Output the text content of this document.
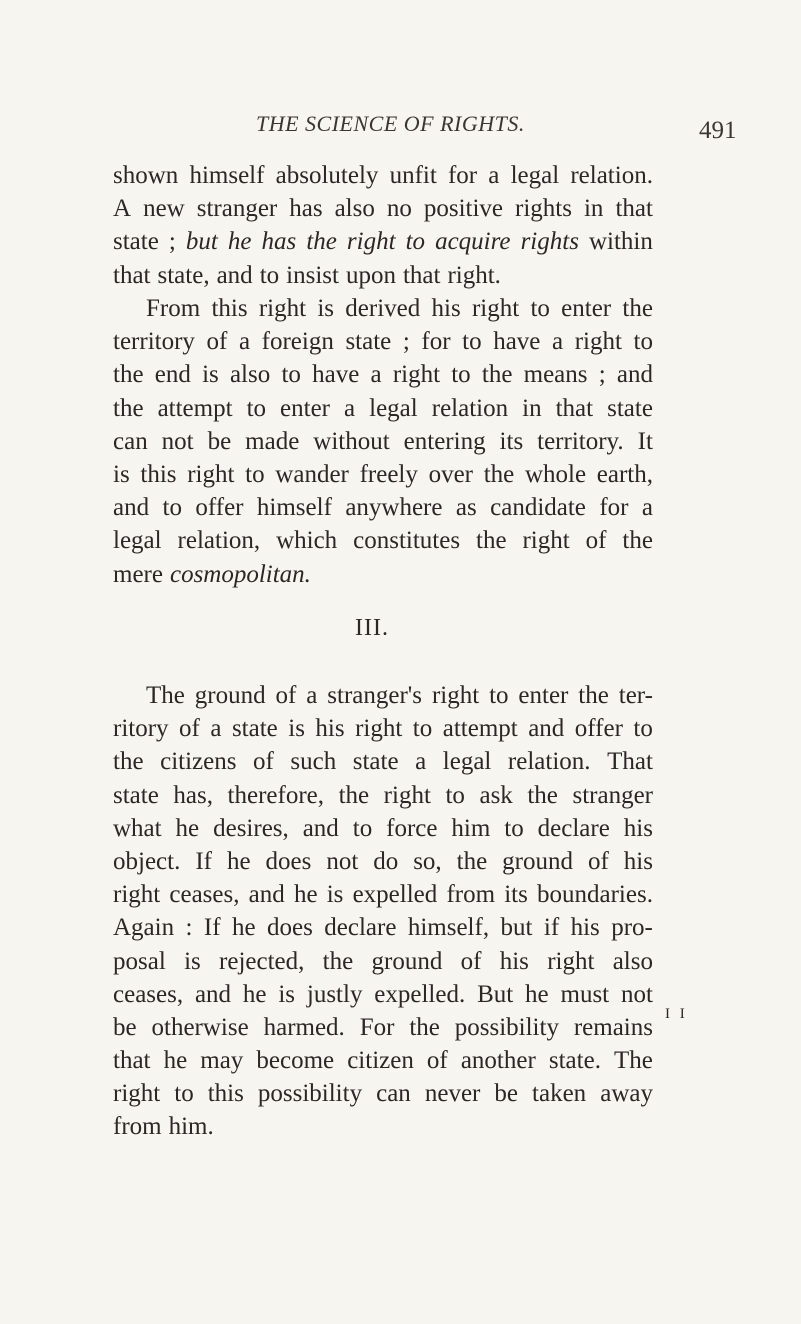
THE SCIENCE OF RIGHTS.	491
shown himself absolutely unfit for a legal relation.
A new stranger has also no positive rights in that
state ; but he has the right to acquire rights within
that state, and to insist upon that right.
From this right is derived his right to enter the
territory of a foreign state ; for to have a right to
the end is also to have a right to the means ; and
the attempt to enter a legal relation in that state
can not be made without entering its territory. It
is this right to wander freely over the whole earth,
and to offer himself anywhere as candidate for a
legal relation, which constitutes the right of the
mere cosmopolitan.
III.
The ground of a stranger's right to enter the ter-
ritory of a state is his right to attempt and offer to
the citizens of such state a legal relation. That
state has, therefore, the right to ask the stranger
what he desires, and to force him to declare his
object. If he does not do so, the ground of his
right ceases, and he is expelled from its boundaries.
Again : If he does declare himself, but if his pro-
posal is rejected, the ground of his right also
ceases, and he is justly expelled. But he must not
be otherwise harmed. For the possibility remains
that he may become citizen of another state. The
right to this possibility can never be taken away
from him.
I I
